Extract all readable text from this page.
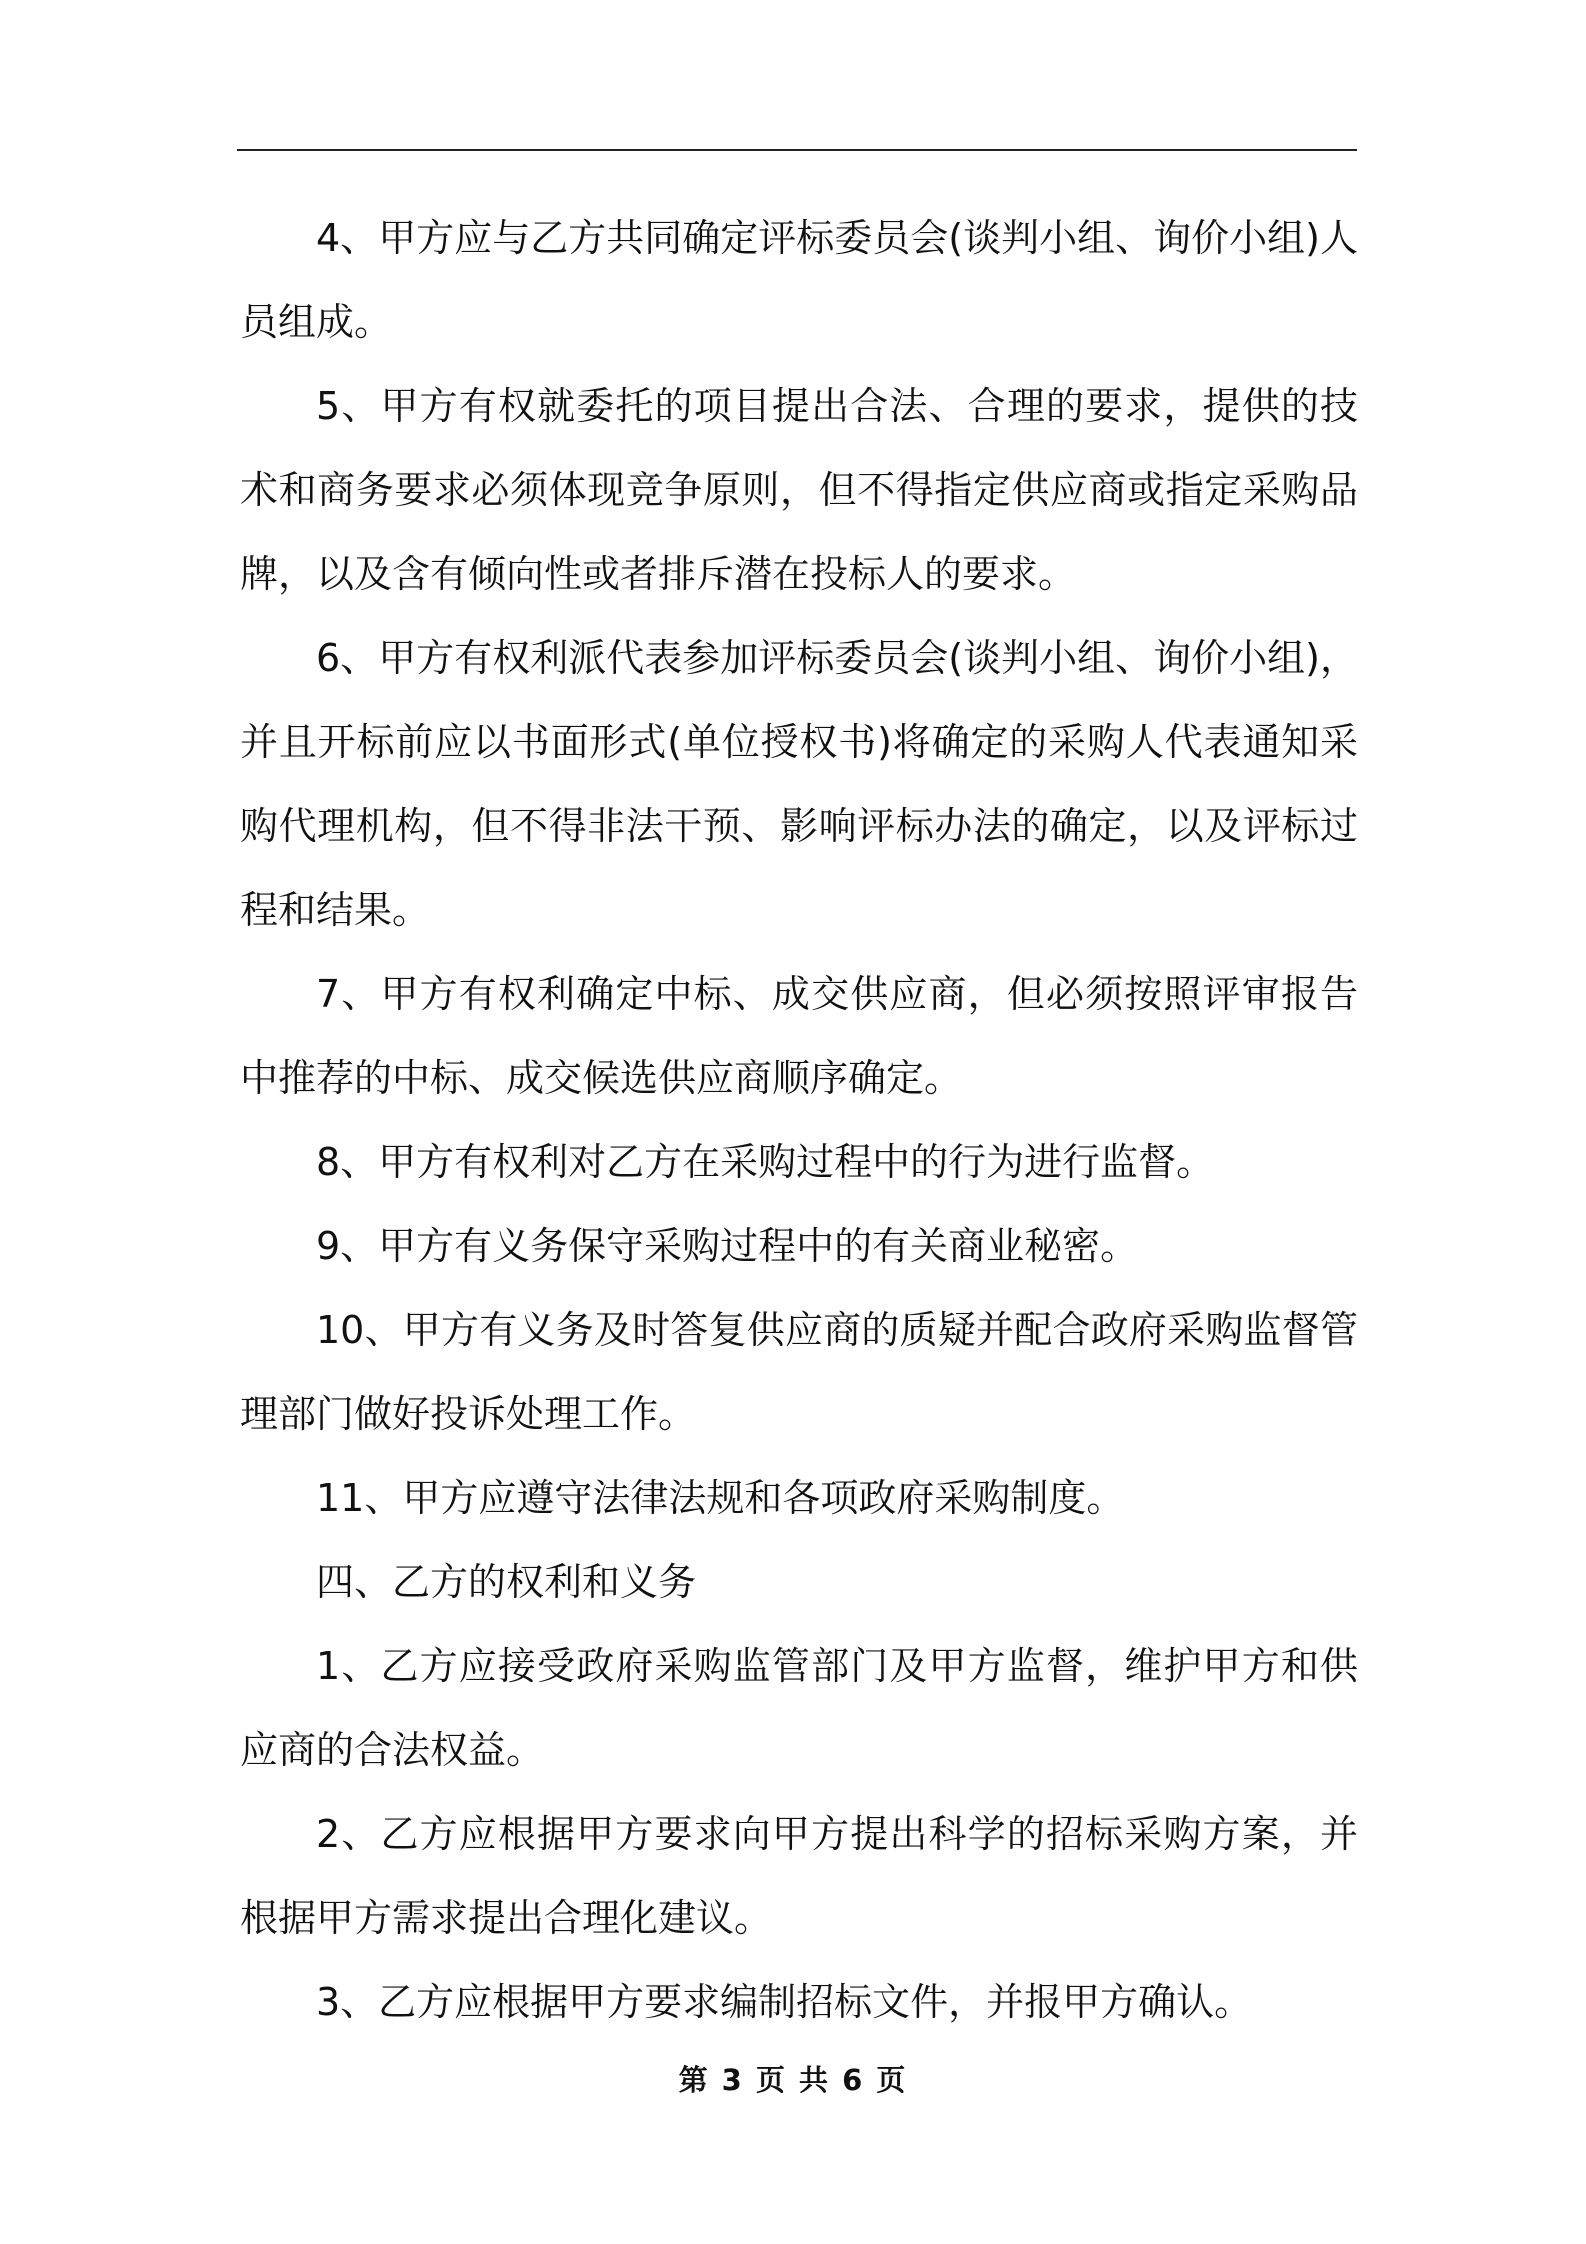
4、甲方应与乙方共同确定评标委员会(谈判小组、询价小组)人员组成。

5、甲方有权就委托的项目提出合法、合理的要求，提供的技术和商务要求必须体现竞争原则，但不得指定供应商或指定采购品牌，以及含有倾向性或者排斥潜在投标人的要求。

6、甲方有权利派代表参加评标委员会(谈判小组、询价小组)，并且开标前应以书面形式(单位授权书)将确定的采购人代表通知采购代理机构，但不得非法干预、影响评标办法的确定，以及评标过程和结果。

7、甲方有权利确定中标、成交供应商，但必须按照评审报告中推荐的中标、成交候选供应商顺序确定。

8、甲方有权利对乙方在采购过程中的行为进行监督。

9、甲方有义务保守采购过程中的有关商业秘密。

10、甲方有义务及时答复供应商的质疑并配合政府采购监督管理部门做好投诉处理工作。

11、甲方应遵守法律法规和各项政府采购制度。

四、乙方的权利和义务

1、乙方应接受政府采购监管部门及甲方监督，维护甲方和供应商的合法权益。

2、乙方应根据甲方要求向甲方提出科学的招标采购方案，并根据甲方需求提出合理化建议。

3、乙方应根据甲方要求编制招标文件，并报甲方确认。

第 3 页 共 6 页
